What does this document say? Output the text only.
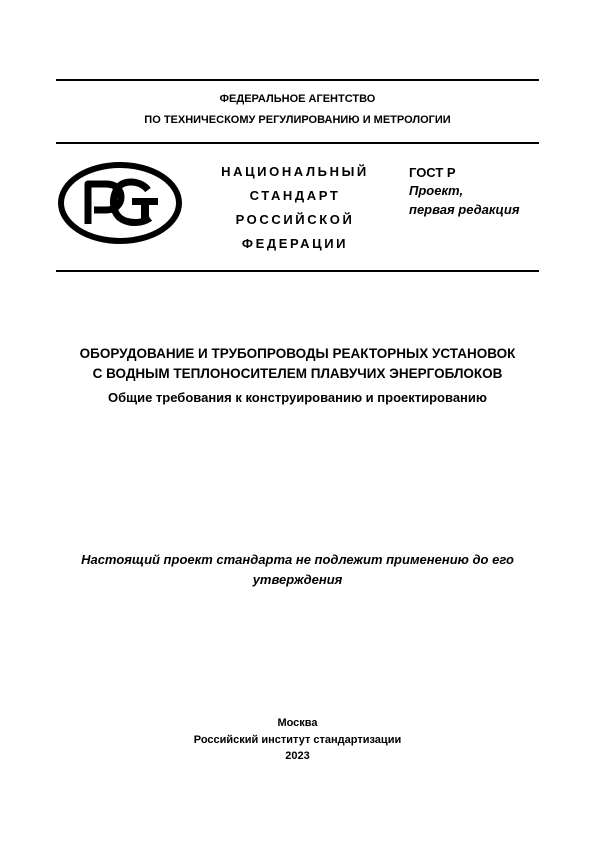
ФЕДЕРАЛЬНОЕ АГЕНТСТВО
ПО ТЕХНИЧЕСКОМУ РЕГУЛИРОВАНИЮ И МЕТРОЛОГИИ
НАЦИОНАЛЬНЫЙ
СТАНДАРТ
РОССИЙСКОЙ
ФЕДЕРАЦИИ
ГОСТ Р
Проект,
первая редакция
ОБОРУДОВАНИЕ И ТРУБОПРОВОДЫ РЕАКТОРНЫХ УСТАНОВОК
С ВОДНЫМ ТЕПЛОНОСИТЕЛЕМ ПЛАВУЧИХ ЭНЕРГОБЛОКОВ
Общие требования к конструированию и проектированию
Настоящий проект стандарта не подлежит применению до его
утверждения
Москва
Российский институт стандартизации
2023
